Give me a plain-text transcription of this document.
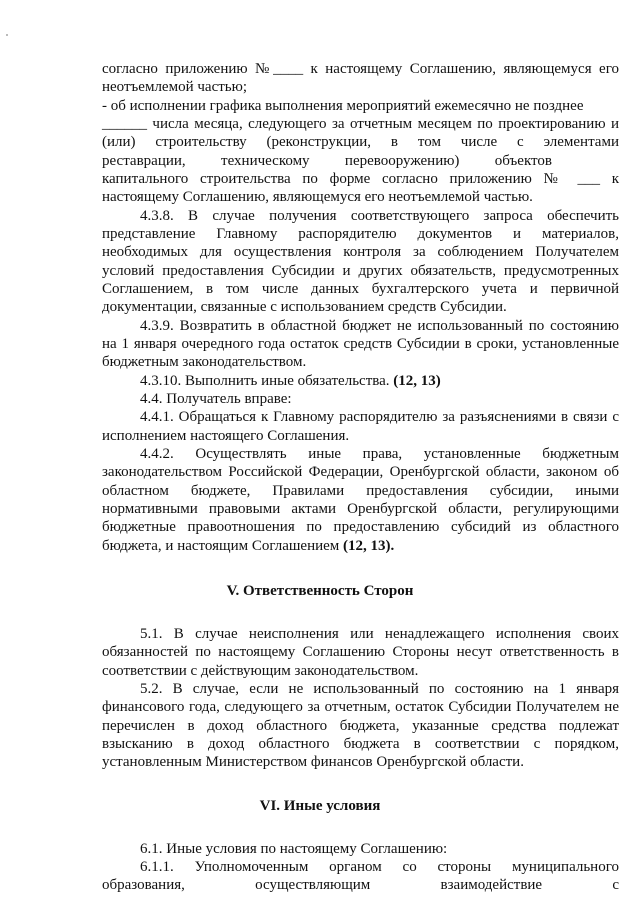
согласно приложению №____ к настоящему Соглашению, являющемуся его
неотъемлемой частью;
- об исполнении графика выполнения мероприятий ежемесячно не позднее
______ числа месяца, следующего за отчетным месяцем по проектированию и
(или) строительству (реконструкции, в том числе с элементами
реставрации, техническому перевооружению) объектов
капитального строительства по форме согласно приложению № ___ к
настоящему Соглашению, являющемуся его неотъемлемой частью.
4.3.8. В случае получения соответствующего запроса обеспечить
представление Главному распорядителю документов и материалов,
необходимых для осуществления контроля за соблюдением Получателем
условий предоставления Субсидии и других обязательств, предусмотренных
Соглашением, в том числе данных бухгалтерского учета и первичной
документации, связанные с использованием средств Субсидии.
4.3.9. Возвратить в областной бюджет не использованный по состоянию
на 1 января очередного года остаток средств Субсидии в сроки, установленные
бюджетным законодательством.
4.3.10. Выполнить иные обязательства. (12, 13)
4.4. Получатель вправе:
4.4.1. Обращаться к Главному распорядителю за разъяснениями в связи с
исполнением настоящего Соглашения.
4.4.2. Осуществлять иные права, установленные бюджетным
законодательством Российской Федерации, Оренбургской области, законом об
областном бюджете, Правилами предоставления субсидии, иными
нормативными правовыми актами Оренбургской области, регулирующими
бюджетные правоотношения по предоставлению субсидий из областного
бюджета, и настоящим Соглашением (12, 13).
V. Ответственность Сторон
5.1. В случае неисполнения или ненадлежащего исполнения своих
обязанностей по настоящему Соглашению Стороны несут ответственность в
соответствии с действующим законодательством.
5.2. В случае, если не использованный по состоянию на 1 января
финансового года, следующего за отчетным, остаток Субсидии Получателем не
перечислен в доход областного бюджета, указанные средства подлежат
взысканию в доход областного бюджета в соответствии с порядком,
установленным Министерством финансов Оренбургской области.
VI. Иные условия
6.1. Иные условия по настоящему Соглашению:
6.1.1. Уполномоченным органом со стороны муниципального
образования, осуществляющим взаимодействие с
